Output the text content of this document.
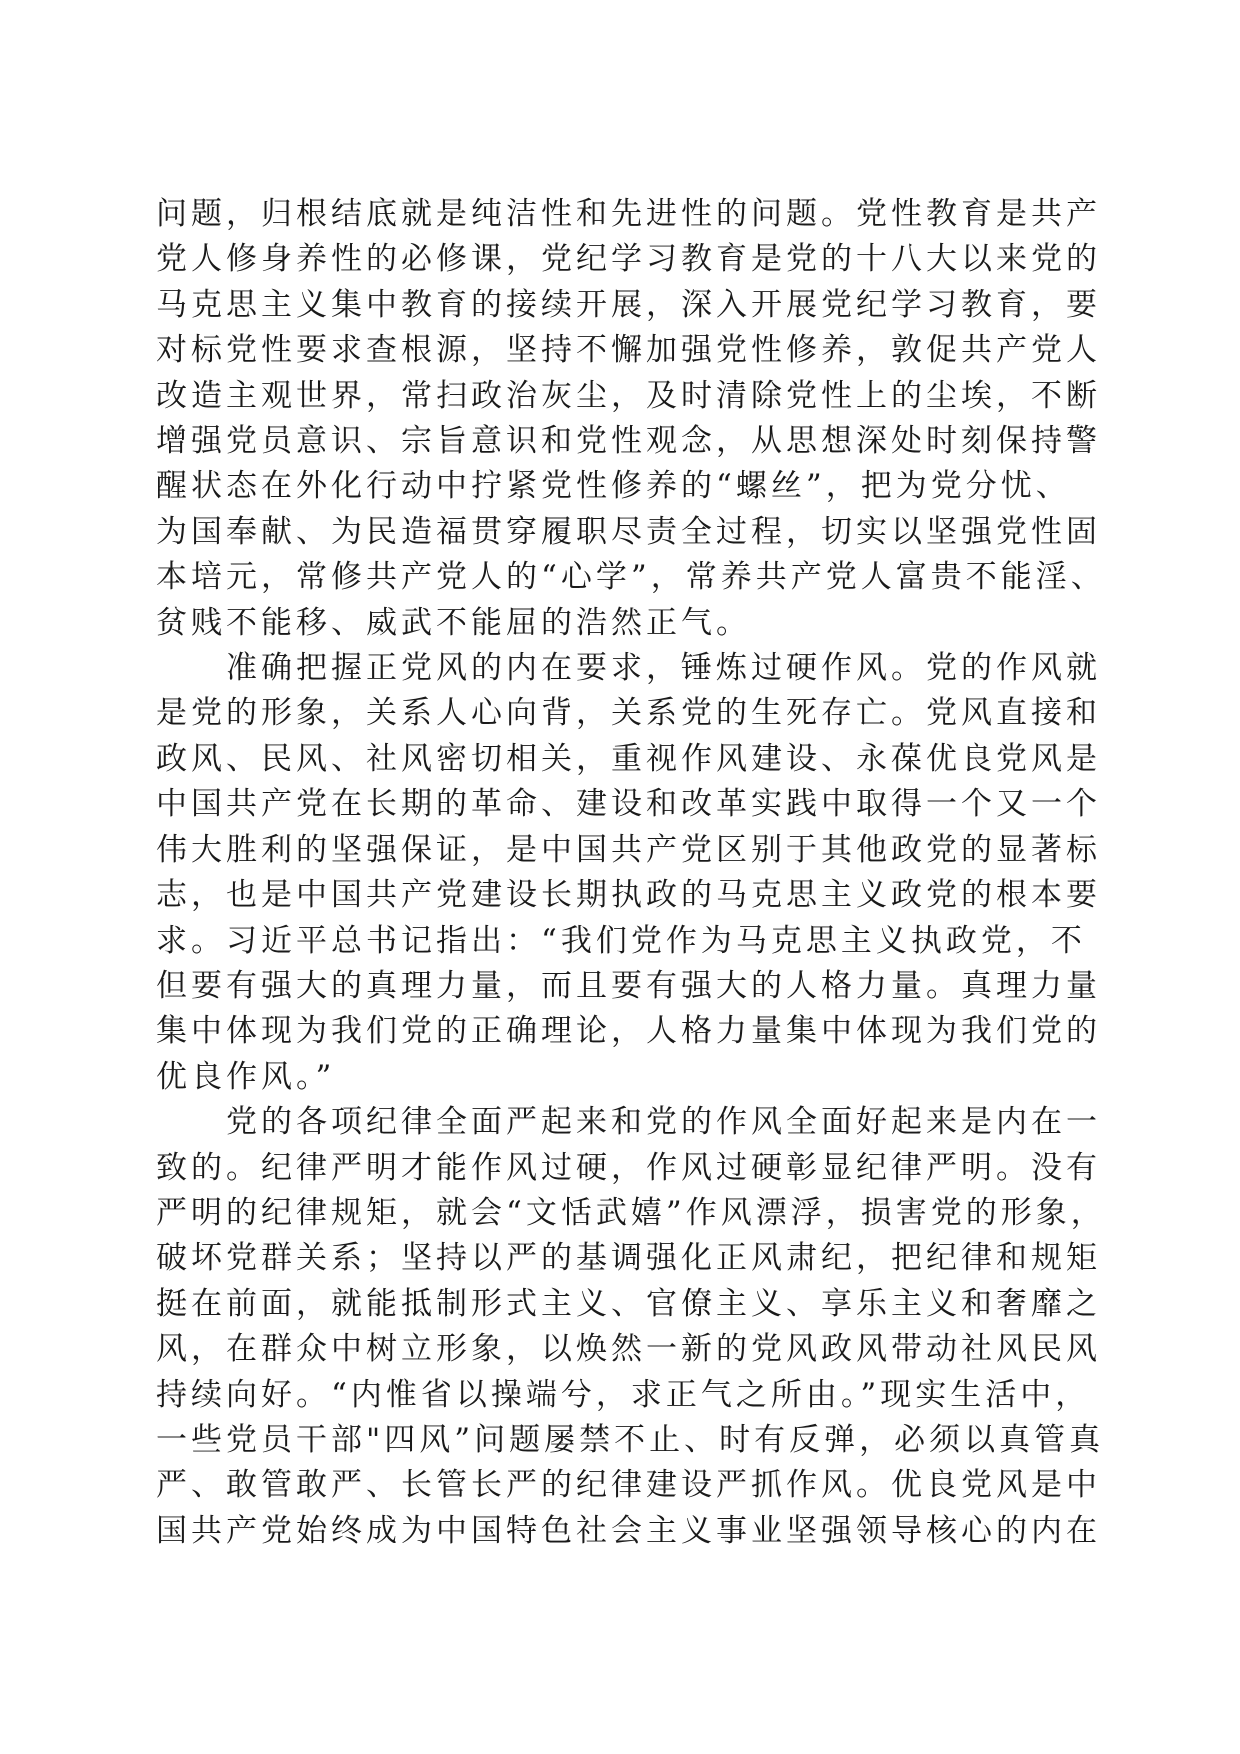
问题，归根结底就是纯洁性和先进性的问题。党性教育是共产
党人修身养性的必修课，党纪学习教育是党的十八大以来党的
马克思主义集中教育的接续开展，深入开展党纪学习教育，要
对标党性要求查根源，坚持不懈加强党性修养，敦促共产党人
改造主观世界，常扫政治灰尘，及时清除党性上的尘埃，不断
增强党员意识、宗旨意识和党性观念，从思想深处时刻保持警
醒状态在外化行动中拧紧党性修养的“螺丝”，把为党分忧、
为国奉献、为民造福贯穿履职尽责全过程，切实以坚强党性固
本培元，常修共产党人的“心学”，常养共产党人富贵不能淫、
贫贱不能移、威武不能屈的浩然正气。
准确把握正党风的内在要求，锤炼过硬作风。党的作风就
是党的形象，关系人心向背，关系党的生死存亡。党风直接和
政风、民风、社风密切相关，重视作风建设、永葆优良党风是
中国共产党在长期的革命、建设和改革实践中取得一个又一个
伟大胜利的坚强保证，是中国共产党区别于其他政党的显著标
志，也是中国共产党建设长期执政的马克思主义政党的根本要
求。习近平总书记指出：“我们党作为马克思主义执政党，不
但要有强大的真理力量，而且要有强大的人格力量。真理力量
集中体现为我们党的正确理论，人格力量集中体现为我们党的
优良作风。”
党的各项纪律全面严起来和党的作风全面好起来是内在一
致的。纪律严明才能作风过硬，作风过硬彰显纪律严明。没有
严明的纪律规矩，就会“文恬武嬉”作风漂浮，损害党的形象，
破坏党群关系；坚持以严的基调强化正风肃纪，把纪律和规矩
挺在前面，就能抵制形式主义、官僚主义、享乐主义和奢靡之
风，在群众中树立形象，以焕然一新的党风政风带动社风民风
持续向好。“内惟省以操端兮，求正气之所由。”现实生活中，
一些党员干部"四风”问题屡禁不止、时有反弹，必须以真管真
严、敢管敢严、长管长严的纪律建设严抓作风。优良党风是中
国共产党始终成为中国特色社会主义事业坚强领导核心的内在
